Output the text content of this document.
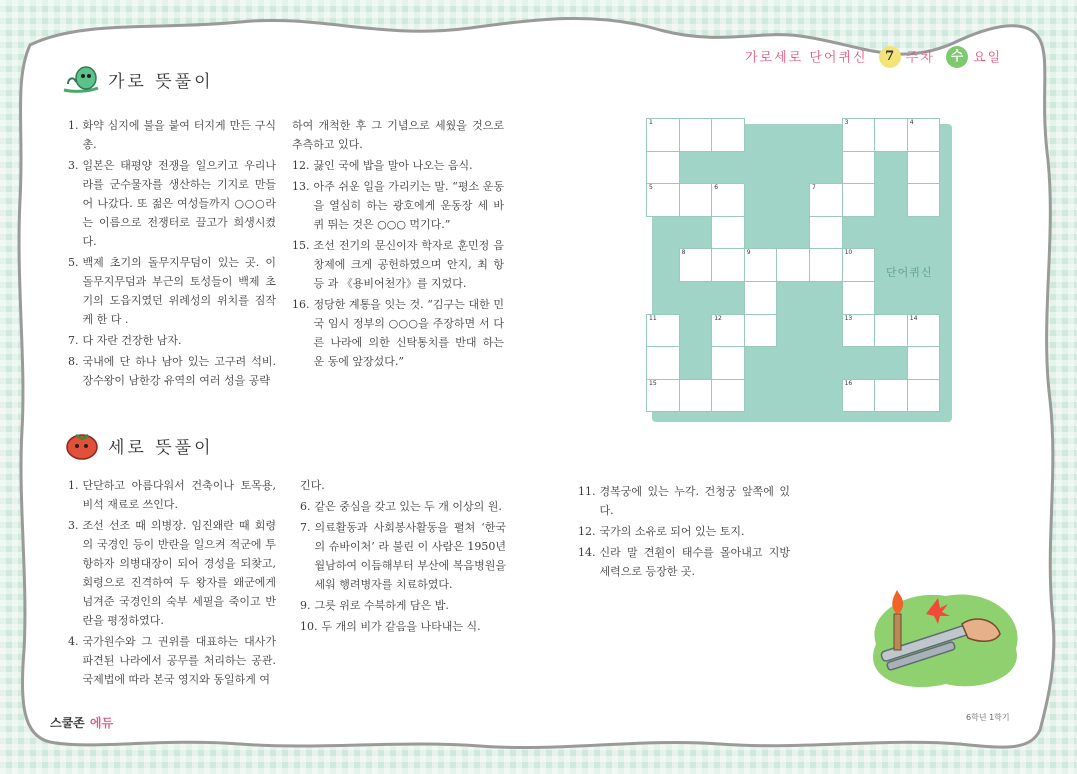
가로세로 단어퀴신 7 주차 수 요일
가로 뜻풀이
1. 화약 심지에 불을 붙여 터지게 만든 구식 총.
3. 일본은 태평양 전쟁을 일으키고 우리나라를 군수물자를 생산하는 기지로 만들어 나갔다. 또 젊은 여성들까지 ○○○라는 이름으로 전쟁터로 끌고가 희생시켰다.
5. 백제 초기의 돌무지무덤이 있는 곳. 이 돌무지무덤과 부근의 토성들이 백제 초기의 도읍지였던 위례성의 위치를 짐작케 한 다 .
7. 다 자란 건장한 남자.
8. 국내에 단 하나 남아 있는 고구려 석비. 장수왕이 남한강 유역의 여러 성을 공략
하여 개척한 후 그 기념으로 세웠을 것으로 추측하고 있다.
12. 끓인 국에 밥을 말아 나오는 음식.
13. 아주 쉬운 일을 가리키는 말. “평소 운동 을 열심히 하는 광호에게 운동장 세 바퀴 뛰는 것은 ○○○ 먹기다.”
15. 조선 전기의 문신이자 학자로 훈민정 음 창제에 크게 공헌하였으며 안지, 최 항 등 과 《용비어천가》를 지었다.
16. 정당한 계통을 잇는 것. “김구는 대한 민 국 임시 정부의 ○○○을 주장하면 서 다 른 나라에 의한 신탁통치를 반대 하는 운 동에 앞장섰다.”
1	3	4
5	6	7
8	9	10
11	12	13	14
15	16
단어퀴신
세로 뜻풀이
1. 단단하고 아름다워서 건축이나 토목용, 비석 재료로 쓰인다.
3. 조선 선조 때 의병장. 임진왜란 때 회령의 국경인 등이 반란을 일으켜 적군에 투항하자 의병대장이 되어 경성을 되찾고, 회령으로 진격하여 두 왕자를 왜군에게 넘겨준 국경인의 숙부 세필을 죽이고 반란을 평정하였다.
4. 국가원수와 그 권위를 대표하는 대사가 파견된 나라에서 공무를 처리하는 공관. 국제법에 따라 본국 영지와 동일하게 여
긴다.
6. 같은 중심을 갖고 있는 두 개 이상의 원.
7. 의료활동과 사회봉사활동을 펼쳐 ‘한국의 슈바이처’ 라 불린 이 사람은 1950년 월남하여 이듬해부터 부산에 복음병원을 세워 행려병자를 치료하였다.
9. 그릇 위로 수북하게 담은 밥.
10. 두 개의 비가 같음을 나타내는 식.
11. 경복궁에 있는 누각. 건청궁 앞쪽에 있다.
12. 국가의 소유로 되어 있는 토지.
14. 신라 말 견훤이 태수를 몰아내고 지방 세력으로 등장한 곳.
스쿨존 에듀	6학년 1학기
